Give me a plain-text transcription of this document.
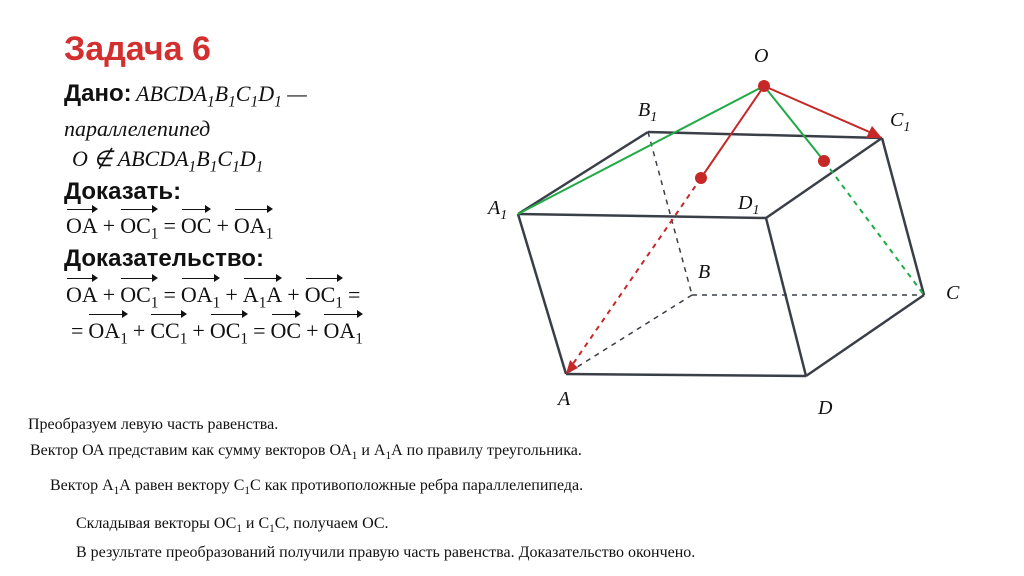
Задача 6
Дано: $ABCDA_1B_1C_1D_1$ —
параллелепипед
O ∉ $ABCDA_1B_1C_1D_1$
Доказать:
OA + $OC_1$ = OC + $OA_1$
Доказательство:
OA + $OC_1 = OA_1 + A_1A + OC_1$ =
= $OA_1 + CC_1 + OC_1$ = OC + $OA_1$
Преобразуем левую часть равенства.
Вектор ОА представим как сумму векторов $ОА_1$ и $А_1А$ по правилу треугольника.
Вектор $А_1А$ равен вектору $С_1С$ как противоположные ребра параллелепипеда.
Складывая векторы $ОС_1$ и $С_1С$, получаем ОС.
В результате преобразований получили правую часть равенства. Доказательство окончено.
O
$B_1$	$C_1$
$A_1$
$D_1$
B
C
A	D
